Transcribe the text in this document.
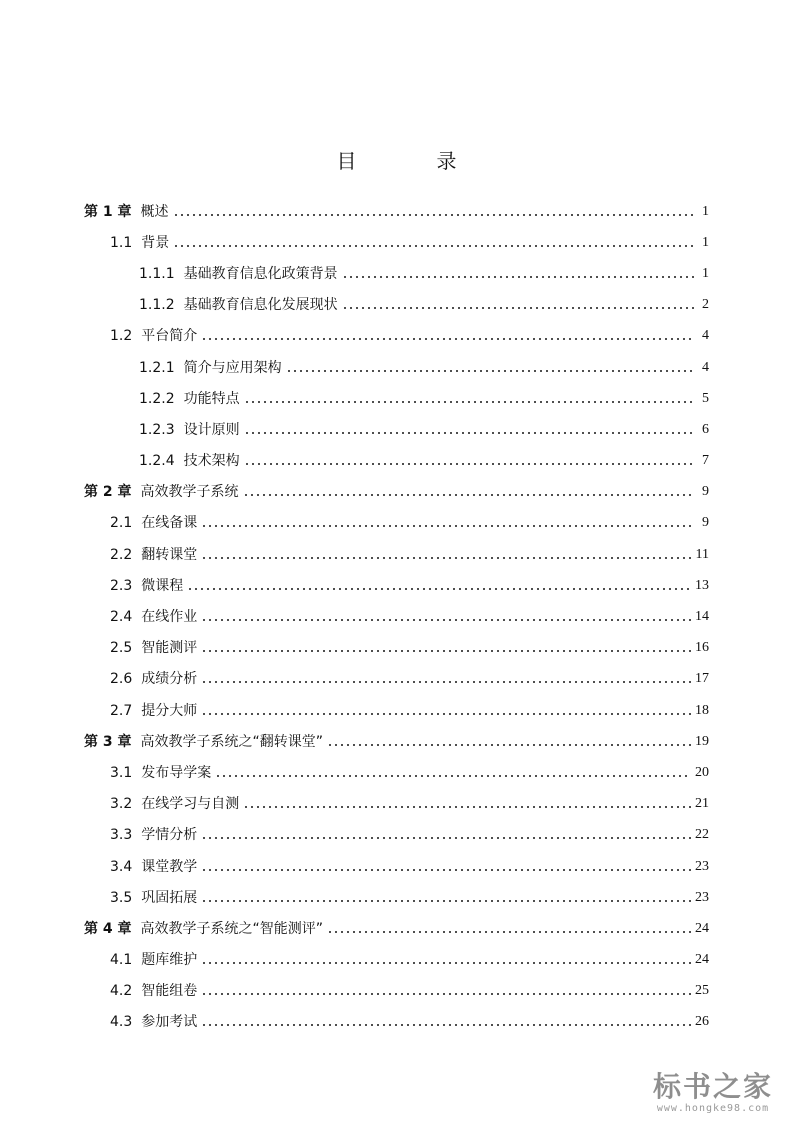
目　录
第 1 章 概述	1
1.1 背景	1
1.1.1 基础教育信息化政策背景	1
1.1.2 基础教育信息化发展现状	2
1.2 平台简介	4
1.2.1 简介与应用架构	4
1.2.2 功能特点	5
1.2.3 设计原则	6
1.2.4 技术架构	7
第 2 章 高效教学子系统	9
2.1 在线备课	9
2.2 翻转课堂	11
2.3 微课程	13
2.4 在线作业	14
2.5 智能测评	16
2.6 成绩分析	17
2.7 提分大师	18
第 3 章 高效教学子系统之“翻转课堂”	19
3.1 发布导学案	20
3.2 在线学习与自测	21
3.3 学情分析	22
3.4 课堂教学	23
3.5 巩固拓展	23
第 4 章 高效教学子系统之“智能测评”	24
4.1 题库维护	24
4.2 智能组卷	25
4.3 参加考试	26
标书之家
www.hongke98.com
